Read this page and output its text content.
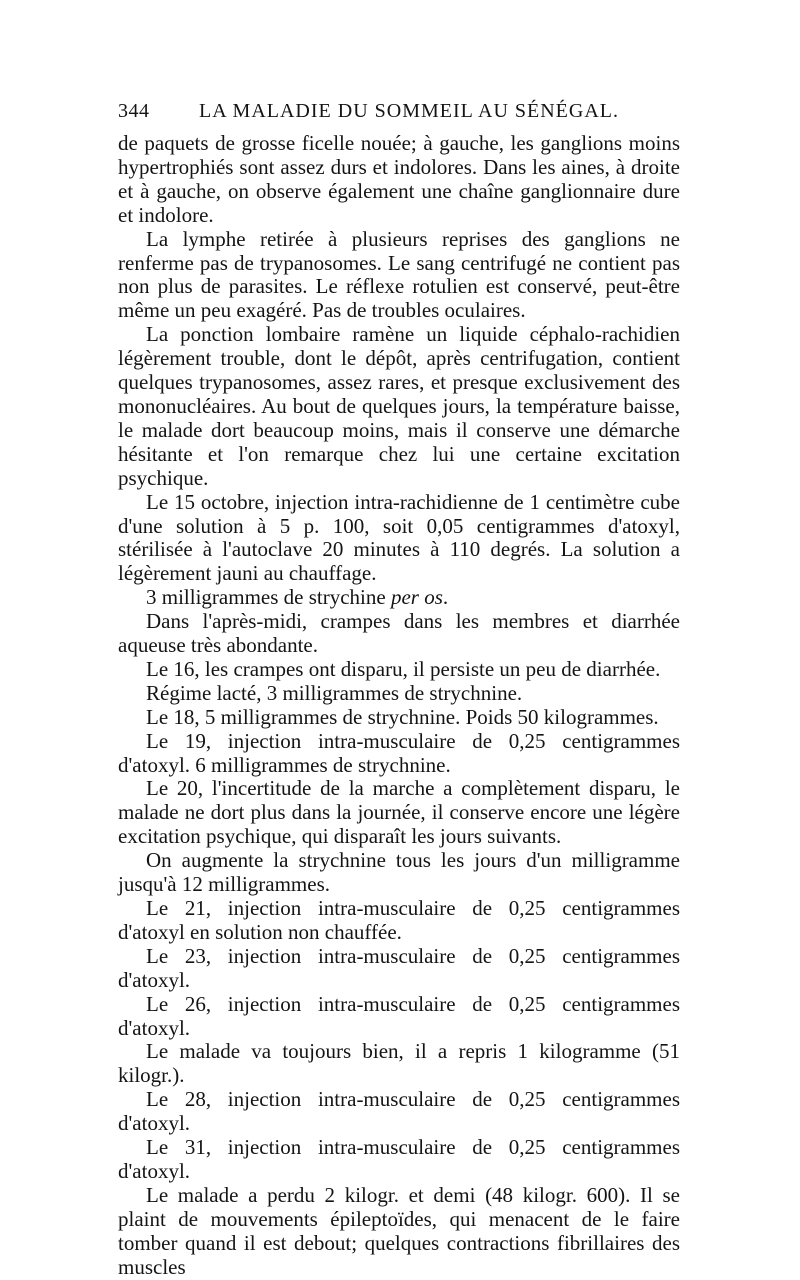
344	LA MALADIE DU SOMMEIL AU SÉNÉGAL.

de paquets de grosse ficelle nouée; à gauche, les ganglions moins hypertrophiés sont assez durs et indolores. Dans les aines, à droite et à gauche, on observe également une chaîne ganglionnaire dure et indolore.

La lymphe retirée à plusieurs reprises des ganglions ne renferme pas de trypanosomes. Le sang centrifugé ne contient pas non plus de parasites. Le réflexe rotulien est conservé, peut-être même un peu exagéré. Pas de troubles oculaires.

La ponction lombaire ramène un liquide céphalo-rachidien légèrement trouble, dont le dépôt, après centrifugation, contient quelques trypanosomes, assez rares, et presque exclusivement des mononucléaires. Au bout de quelques jours, la température baisse, le malade dort beaucoup moins, mais il conserve une démarche hésitante et l'on remarque chez lui une certaine excitation psychique.

Le 15 octobre, injection intra-rachidienne de 1 centimètre cube d'une solution à 5 p. 100, soit 0,05 centigrammes d'atoxyl, stérilisée à l'autoclave 20 minutes à 110 degrés. La solution a légèrement jauni au chauffage.

3 milligrammes de strychine per os.

Dans l'après-midi, crampes dans les membres et diarrhée aqueuse très abondante.

Le 16, les crampes ont disparu, il persiste un peu de diarrhée.

Régime lacté, 3 milligrammes de strychnine.

Le 18, 5 milligrammes de strychnine. Poids 50 kilogrammes.

Le 19, injection intra-musculaire de 0,25 centigrammes d'atoxyl. 6 milligrammes de strychnine.

Le 20, l'incertitude de la marche a complètement disparu, le malade ne dort plus dans la journée, il conserve encore une légère excitation psychique, qui disparaît les jours suivants.

On augmente la strychnine tous les jours d'un milligramme jusqu'à 12 milligrammes.

Le 21, injection intra-musculaire de 0,25 centigrammes d'atoxyl en solution non chauffée.

Le 23, injection intra-musculaire de 0,25 centigrammes d'atoxyl.

Le 26, injection intra-musculaire de 0,25 centigrammes d'atoxyl.

Le malade va toujours bien, il a repris 1 kilogramme (51 kilogr.).

Le 28, injection intra-musculaire de 0,25 centigrammes d'atoxyl.

Le 31, injection intra-musculaire de 0,25 centigrammes d'atoxyl.

Le malade a perdu 2 kilogr. et demi (48 kilogr. 600). Il se plaint de mouvements épileptoïdes, qui menacent de le faire tomber quand il est debout; quelques contractions fibrillaires des muscles
